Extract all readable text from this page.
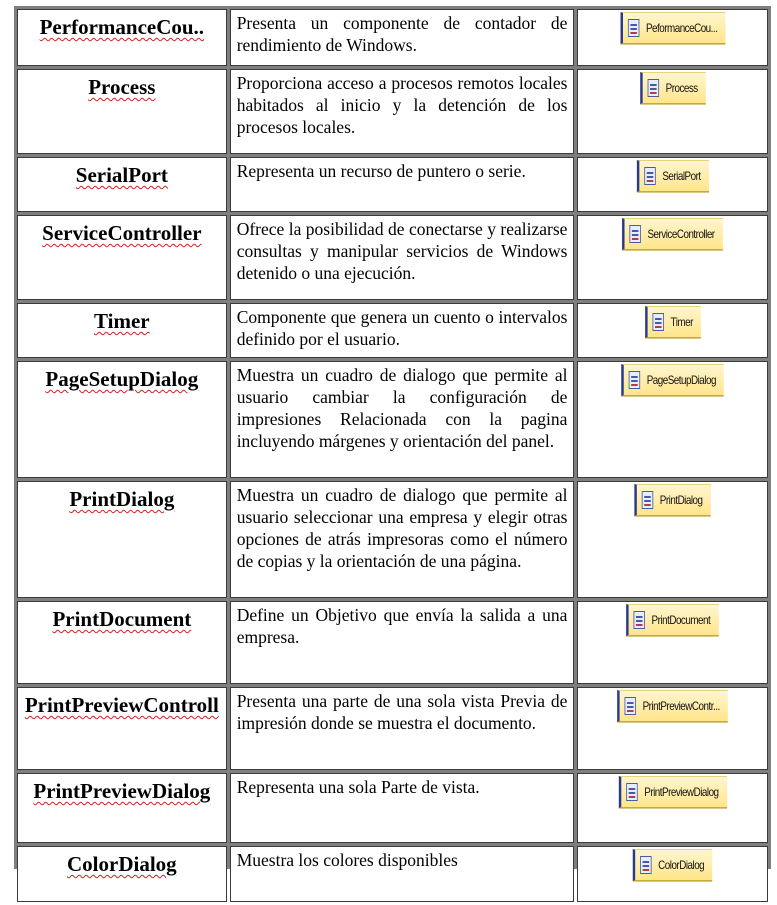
PerformanceCou..	Presenta un componente de contador de rendimiento de Windows.	PeformanceCou...

Process	Proporciona acceso a procesos remotos locales habitados al inicio y la detención de los procesos locales.	Process

SerialPort	Representa un recurso de puntero o serie.	SerialPort

ServiceController	Ofrece la posibilidad de conectarse y realizarse consultas y manipular servicios de Windows detenido o una ejecución.	ServiceController

Timer	Componente que genera un cuento o intervalos definido por el usuario.	Timer

PageSetupDialog	Muestra un cuadro de dialogo que permite al usuario cambiar la configuración de impresiones Relacionada con la pagina incluyendo márgenes y orientación del panel.	PageSetupDialog

PrintDialog	Muestra un cuadro de dialogo que permite al usuario seleccionar una empresa y elegir otras opciones de atrás impresoras como el número de copias y la orientación de una página.	PrintDialog

PrintDocument	Define un Objetivo que envía la salida a una empresa.	PrintDocument

PrintPreviewControll	Presenta una parte de una sola vista Previa de impresión donde se muestra el documento.	PrintPreviewContr...

PrintPreviewDialog	Representa una sola Parte de vista.	PrintPreviewDialog

ColorDialog	Muestra los colores disponibles	ColorDialog
